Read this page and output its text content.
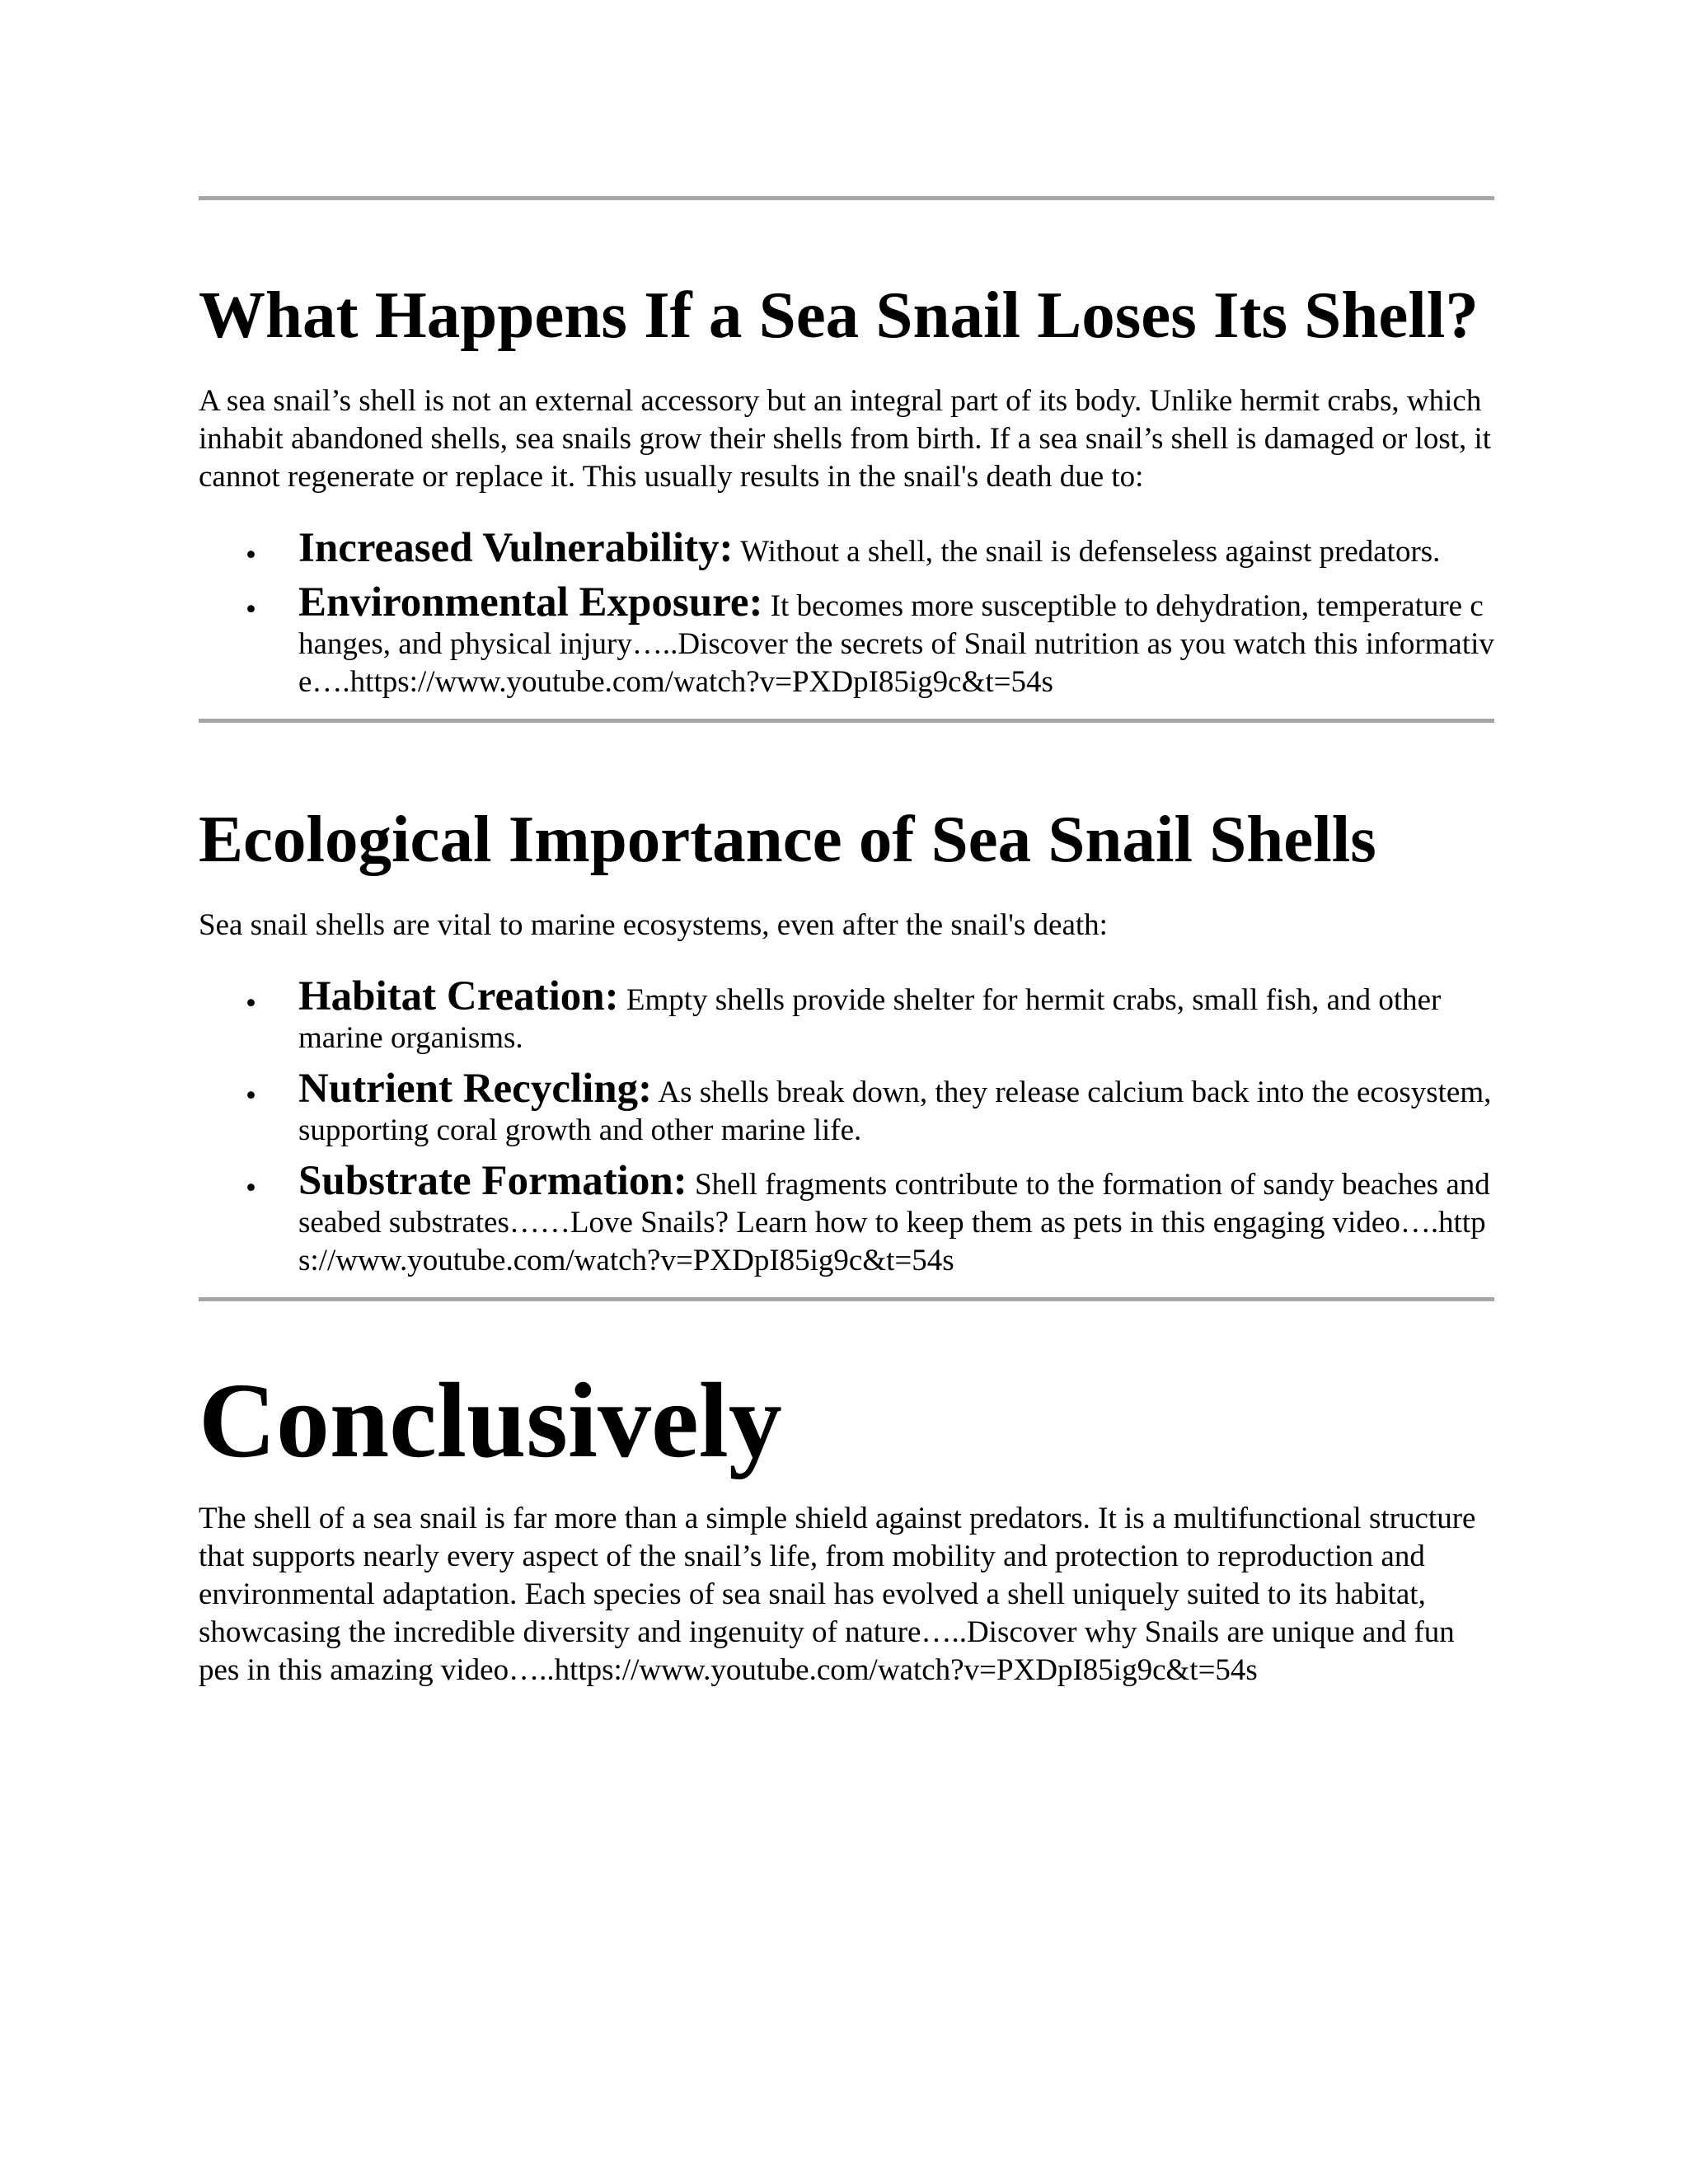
What Happens If a Sea Snail Loses Its Shell?

A sea snail’s shell is not an external accessory but an integral part of its body. Unlike hermit crabs, which inhabit abandoned shells, sea snails grow their shells from birth. If a sea snail’s shell is damaged or lost, it cannot regenerate or replace it. This usually results in the snail's death due to:

• Increased Vulnerability: Without a shell, the snail is defenseless against predators.
• Environmental Exposure: It becomes more susceptible to dehydration, temperature changes, and physical injury…..Discover the secrets of Snail nutrition as you watch this informative….https://www.youtube.com/watch?v=PXDpI85ig9c&t=54s
Ecological Importance of Sea Snail Shells

Sea snail shells are vital to marine ecosystems, even after the snail's death:

• Habitat Creation: Empty shells provide shelter for hermit crabs, small fish, and other marine organisms.
• Nutrient Recycling: As shells break down, they release calcium back into the ecosystem, supporting coral growth and other marine life.
• Substrate Formation: Shell fragments contribute to the formation of sandy beaches and seabed substrates……Love Snails? Learn how to keep them as pets in this engaging video….https://www.youtube.com/watch?v=PXDpI85ig9c&t=54s
Conclusively

The shell of a sea snail is far more than a simple shield against predators. It is a multifunctional structure that supports nearly every aspect of the snail’s life, from mobility and protection to reproduction and environmental adaptation. Each species of sea snail has evolved a shell uniquely suited to its habitat, showcasing the incredible diversity and ingenuity of nature…..Discover why Snails are unique and fun pes in this amazing video…..https://www.youtube.com/watch?v=PXDpI85ig9c&t=54s
